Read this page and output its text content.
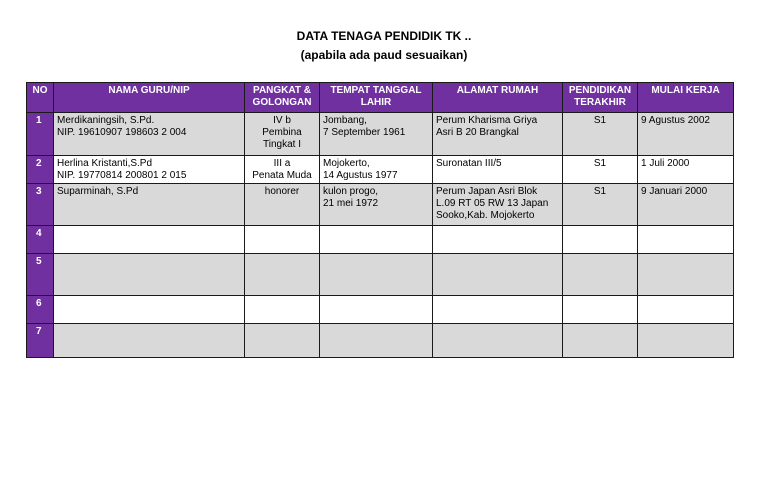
DATA TENAGA PENDIDIK TK ..
(apabila ada paud sesuaikan)
NO	NAMA GURU/NIP	PANGKAT & GOLONGAN	TEMPAT TANGGAL LAHIR	ALAMAT RUMAH	PENDIDIKAN TERAKHIR	MULAI KERJA
1	Merdikaningsih, S.Pd.
NIP. 19610907 198603 2 004	IV b
Pembina
Tingkat I	Jombang,
7 September 1961	Perum Kharisma Griya
Asri B 20 Brangkal	S1	9 Agustus 2002
2	Herlina Kristanti,S.Pd
NIP. 19770814 200801 2 015	III a
Penata Muda	Mojokerto,
14 Agustus 1977	Suronatan III/5	S1	1 Juli 2000
3	Suparminah, S.Pd	honorer	kulon progo,
21 mei 1972	Perum Japan Asri Blok
L.09 RT 05 RW 13 Japan
Sooko,Kab. Mojokerto	S1	9 Januari 2000
4						
5						
6						
7						
